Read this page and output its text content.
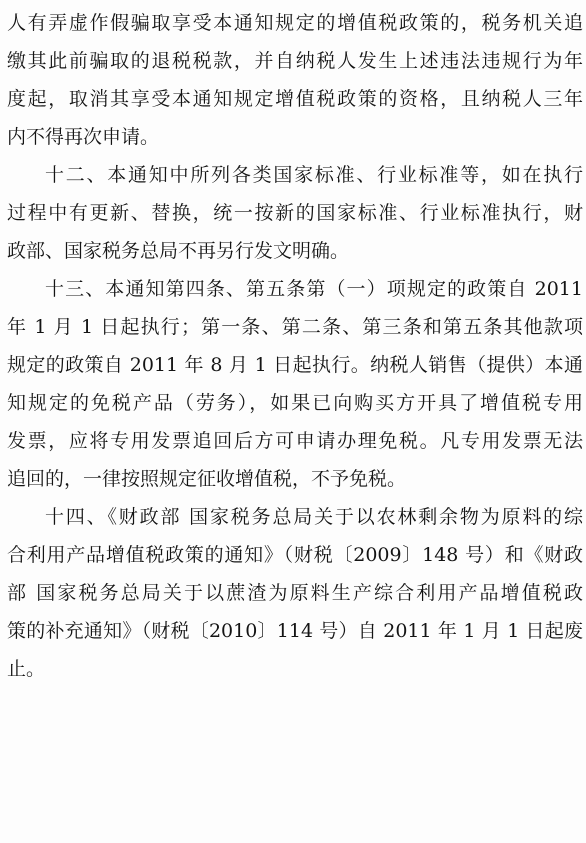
人有弄虚作假骗取享受本通知规定的增值税政策的，税务机关追
缴其此前骗取的退税税款，并自纳税人发生上述违法违规行为年
度起，取消其享受本通知规定增值税政策的资格，且纳税人三年
内不得再次申请。
十二、本通知中所列各类国家标准、行业标准等，如在执行
过程中有更新、替换，统一按新的国家标准、行业标准执行，财
政部、国家税务总局不再另行发文明确。
十三、本通知第四条、第五条第（一）项规定的政策自 2011
年 1 月 1 日起执行；第一条、第二条、第三条和第五条其他款项
规定的政策自 2011 年 8 月 1 日起执行。纳税人销售（提供）本通
知规定的免税产品（劳务），如果已向购买方开具了增值税专用
发票，应将专用发票追回后方可申请办理免税。凡专用发票无法
追回的，一律按照规定征收增值税，不予免税。
十四、《财政部 国家税务总局关于以农林剩余物为原料的综
合利用产品增值税政策的通知》（财税〔2009〕148 号）和《财政
部 国家税务总局关于以蔗渣为原料生产综合利用产品增值税政
策的补充通知》（财税〔2010〕114 号）自 2011 年 1 月 1 日起废
止。
